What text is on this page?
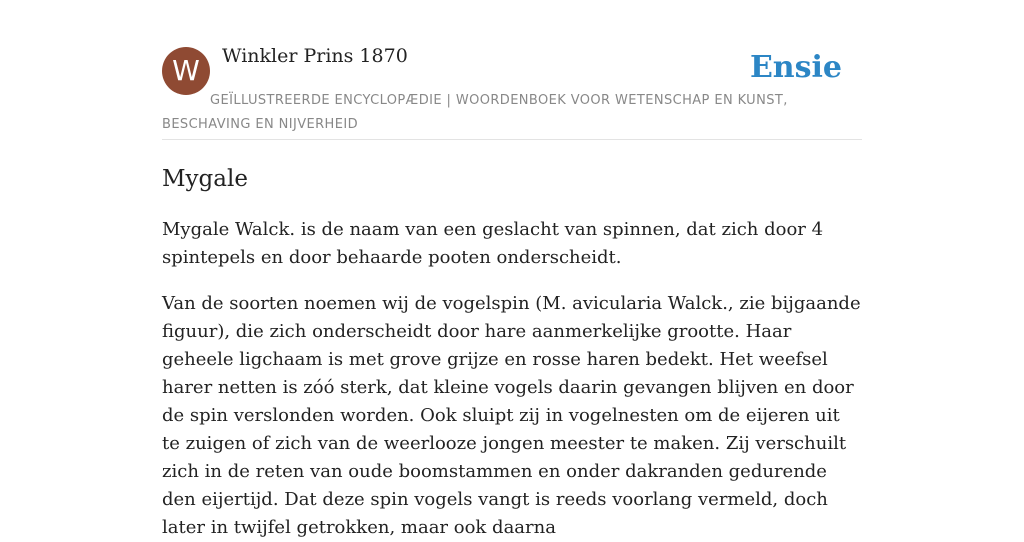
W	Winkler Prins 1870	Ensie
GEÏLLUSTREERDE ENCYCLOPÆDIE | WOORDENBOEK VOOR WETENSCHAP EN KUNST, BESCHAVING EN NIJVERHEID
Mygale

Mygale Walck. is de naam van een geslacht van spinnen, dat zich door 4 spintepels en door behaarde pooten onderscheidt.

Van de soorten noemen wij de vogelspin (M. avicularia Walck., zie bijgaande figuur), die zich onderscheidt door hare aanmerkelijke grootte. Haar geheele ligchaam is met grove grijze en rosse haren bedekt. Het weefsel harer netten is zóó sterk, dat kleine vogels daarin gevangen blijven en door de spin verslonden worden. Ook sluipt zij in vogelnesten om de eijeren uit te zuigen of zich van de weerlooze jongen meester te maken. Zij verschuilt zich in de reten van oude boomstammen en onder dakranden gedurende den eijertijd. Dat deze spin vogels vangt is reeds voorlang vermeld, doch later in twijfel getrokken, maar ook daarna
